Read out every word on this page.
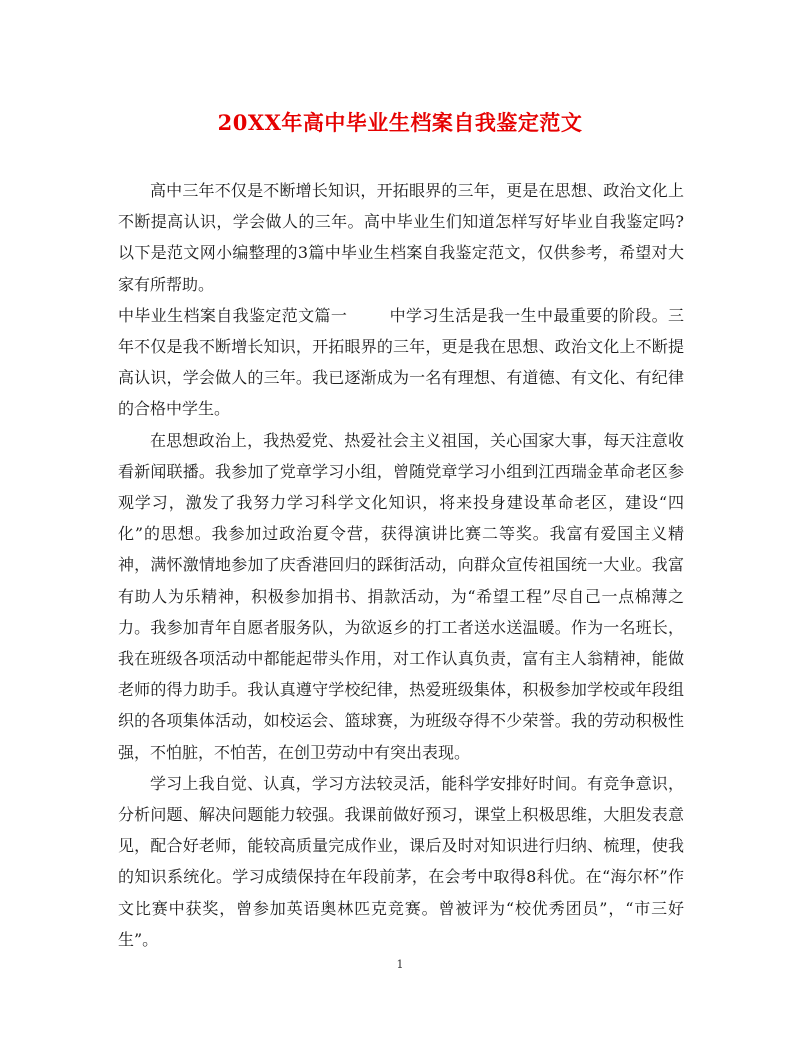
20XX年高中毕业生档案自我鉴定范文

高中三年不仅是不断增长知识，开拓眼界的三年，更是在思想、政治文化上不断提高认识，学会做人的三年。高中毕业生们知道怎样写好毕业自我鉴定吗?以下是范文网小编整理的3篇中毕业生档案自我鉴定范文，仅供参考，希望对大家有所帮助。

中毕业生档案自我鉴定范文篇一	中学习生活是我一生中最重要的阶段。三年不仅是我不断增长知识，开拓眼界的三年，更是我在思想、政治文化上不断提高认识，学会做人的三年。我已逐渐成为一名有理想、有道德、有文化、有纪律的合格中学生。

在思想政治上，我热爱党、热爱社会主义祖国，关心国家大事，每天注意收看新闻联播。我参加了党章学习小组，曾随党章学习小组到江西瑞金革命老区参观学习，激发了我努力学习科学文化知识，将来投身建设革命老区，建设“四化”的思想。我参加过政治夏令营，获得演讲比赛二等奖。我富有爱国主义精神，满怀激情地参加了庆香港回归的踩街活动，向群众宣传祖国统一大业。我富有助人为乐精神，积极参加捐书、捐款活动，为“希望工程”尽自己一点棉薄之力。我参加青年自愿者服务队，为欲返乡的打工者送水送温暖。作为一名班长，我在班级各项活动中都能起带头作用，对工作认真负责，富有主人翁精神，能做老师的得力助手。我认真遵守学校纪律，热爱班级集体，积极参加学校或年段组织的各项集体活动，如校运会、篮球赛，为班级夺得不少荣誉。我的劳动积极性强，不怕脏，不怕苦，在创卫劳动中有突出表现。

学习上我自觉、认真，学习方法较灵活，能科学安排好时间。有竞争意识，分析问题、解决问题能力较强。我课前做好预习，课堂上积极思维，大胆发表意见，配合好老师，能较高质量完成作业，课后及时对知识进行归纳、梳理，使我的知识系统化。学习成绩保持在年段前茅，在会考中取得8科优。在“海尔杯”作文比赛中获奖，曾参加英语奥林匹克竞赛。曾被评为“校优秀团员”，“市三好生”。

1
